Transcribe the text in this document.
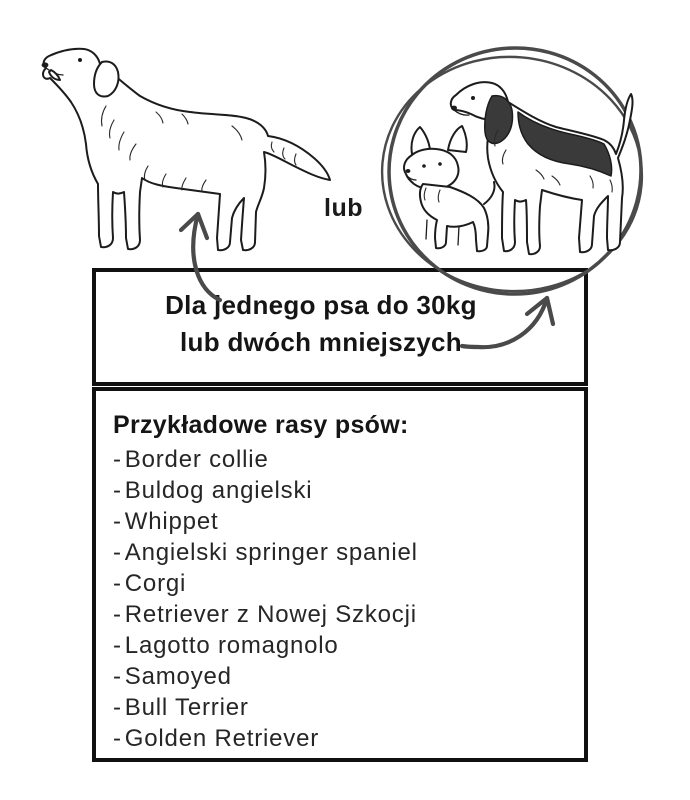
lub
Dla jednego psa do 30kg
lub dwóch mniejszych
Przykładowe rasy psów:
- Border collie
- Buldog angielski
- Whippet
- Angielski springer spaniel
- Corgi
- Retriever z Nowej Szkocji
- Lagotto romagnolo
- Samoyed
- Bull Terrier
- Golden Retriever
